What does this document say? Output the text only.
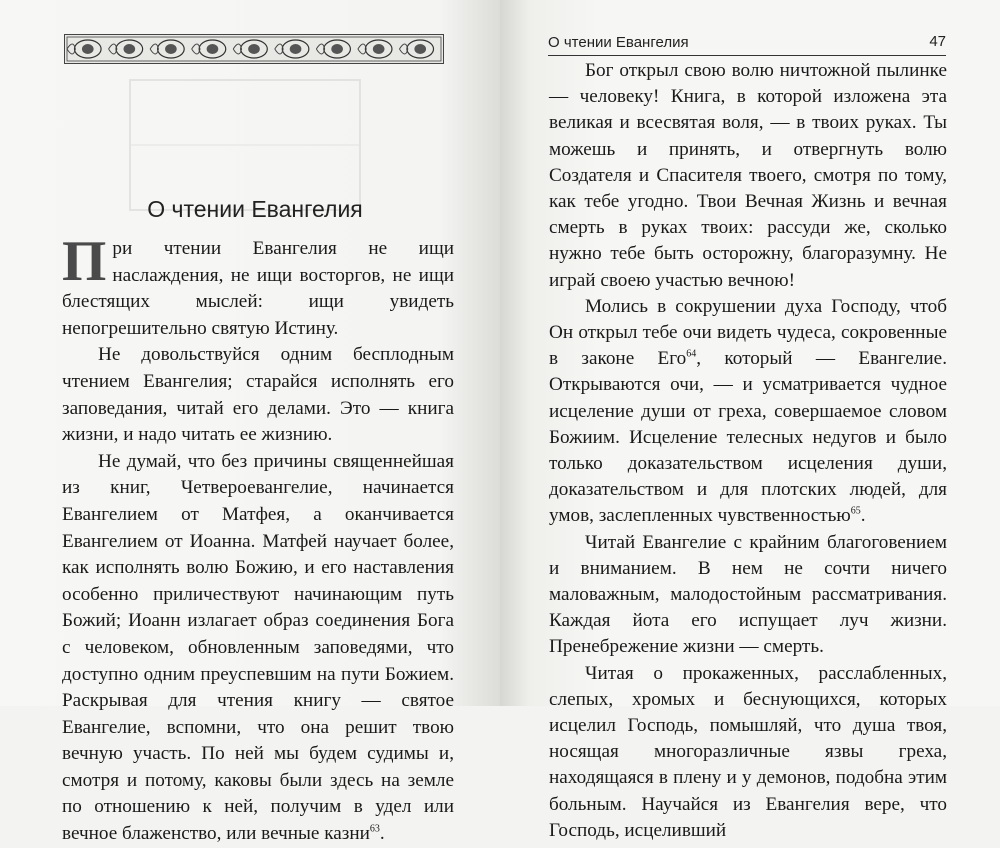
О чтении Евангелия

При чтении Евангелия не ищи наслаждения, не ищи восторгов, не ищи блестящих мыслей: ищи увидеть непогрешительно святую Истину.

Не довольствуйся одним бесплодным чтением Евангелия; старайся исполнять его заповедания, читай его делами. Это — книга жизни, и надо читать ее жизнию.

Не думай, что без причины священнейшая из книг, Четвероевангелие, начинается Евангелием от Матфея, а оканчивается Евангелием от Иоанна. Матфей научает более, как исполнять волю Божию, и его наставления особенно приличествуют начинающим путь Божий; Иоанн излагает образ соединения Бога с человеком, обновленным заповедями, что доступно одним преуспевшим на пути Божием. Раскрывая для чтения книгу — святое Евангелие, вспомни, что она решит твою вечную участь. По ней мы будем судимы и, смотря и потому, каковы были здесь на земле по отношению к ней, получим в удел или вечное блаженство, или вечные казни$^{63}$.

О чтении Евангелия	47

Бог открыл свою волю ничтожной пылинке — человеку! Книга, в которой изложена эта великая и всесвятая воля, — в твоих руках. Ты можешь и принять, и отвергнуть волю Создателя и Спасителя твоего, смотря по тому, как тебе угодно. Твои Вечная Жизнь и вечная смерть в руках твоих: рассуди же, сколько нужно тебе быть осторожну, благоразумну. Не играй своею участью вечною!

Молись в сокрушении духа Господу, чтоб Он открыл тебе очи видеть чудеса, сокровенные в законе Его$^{64}$, который — Евангелие. Открываются очи, — и усматривается чудное исцеление души от греха, совершаемое словом Божиим. Исцеление телесных недугов и было только доказательством исцеления души, доказательством и для плотских людей, для умов, заслепленных чувственностью$^{65}$.

Читай Евангелие с крайним благоговением и вниманием. В нем не сочти ничего маловажным, малодостойным рассматривания. Каждая йота его испущает луч жизни. Пренебрежение жизни — смерть.

Читая о прокаженных, расслабленных, слепых, хромых и беснующихся, которых исцелил Господь, помышляй, что душа твоя, носящая многоразличные язвы греха, находящаяся в плену и у демонов, подобна этим больным. Научайся из Евангелия вере, что Господь, исцеливший
